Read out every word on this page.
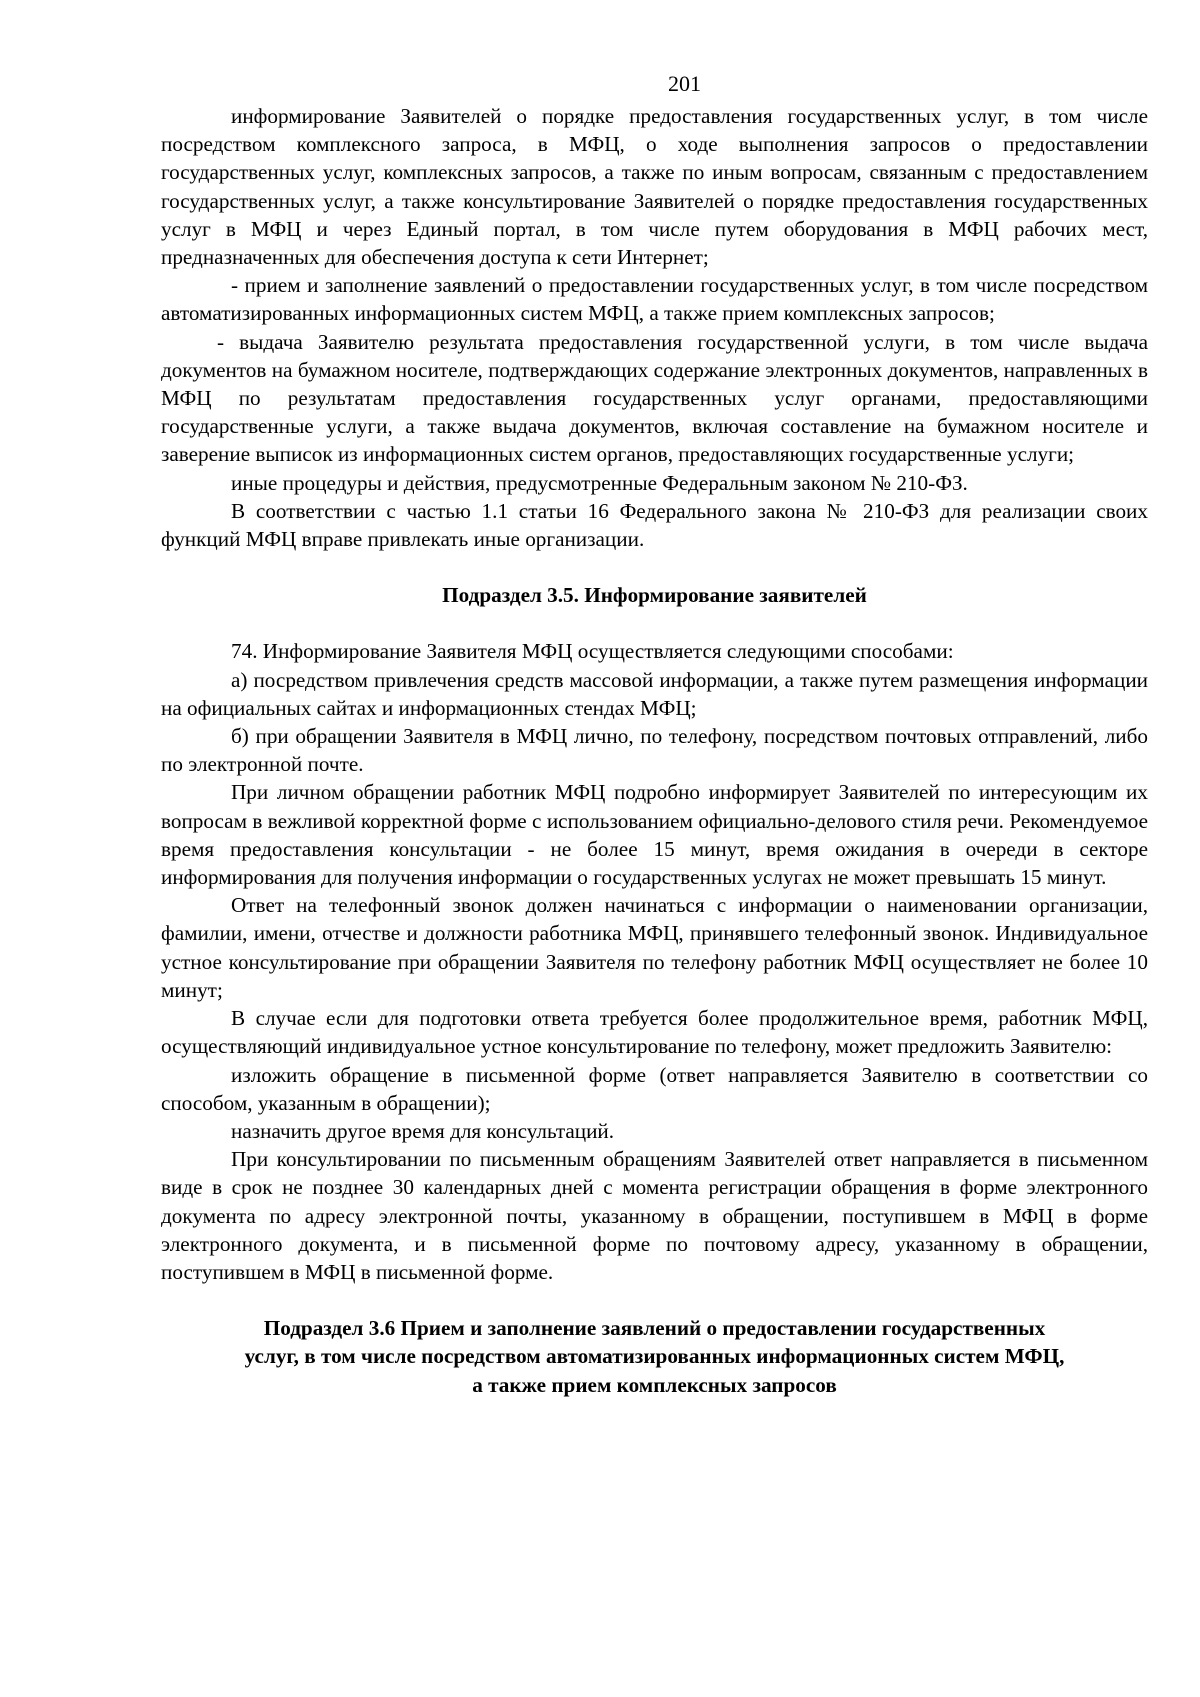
201

информирование Заявителей о порядке предоставления государственных услуг, в том числе посредством комплексного запроса, в МФЦ, о ходе выполнения запросов о предоставлении государственных услуг, комплексных запросов, а также по иным вопросам, связанным с предоставлением государственных услуг, а также консультирование Заявителей о порядке предоставления государственных услуг в МФЦ и через Единый портал, в том числе путем оборудования в МФЦ рабочих мест, предназначенных для обеспечения доступа к сети Интернет;

- прием и заполнение заявлений о предоставлении государственных услуг, в том числе посредством автоматизированных информационных систем МФЦ, а также прием комплексных запросов;

- выдача Заявителю результата предоставления государственной услуги, в том числе выдача документов на бумажном носителе, подтверждающих содержание электронных документов, направленных в МФЦ по результатам предоставления государственных услуг органами, предоставляющими государственные услуги, а также выдача документов, включая составление на бумажном носителе и заверение выписок из информационных систем органов, предоставляющих государственные услуги;

иные процедуры и действия, предусмотренные Федеральным законом № 210-ФЗ.

В соответствии с частью 1.1 статьи 16 Федерального закона № 210-ФЗ для реализации своих функций МФЦ вправе привлекать иные организации.

Подраздел 3.5. Информирование заявителей

74. Информирование Заявителя МФЦ осуществляется следующими способами:

а) посредством привлечения средств массовой информации, а также путем размещения информации на официальных сайтах и информационных стендах МФЦ;

б) при обращении Заявителя в МФЦ лично, по телефону, посредством почтовых отправлений, либо по электронной почте.

При личном обращении работник МФЦ подробно информирует Заявителей по интересующим их вопросам в вежливой корректной форме с использованием официально-делового стиля речи. Рекомендуемое время предоставления консультации - не более 15 минут, время ожидания в очереди в секторе информирования для получения информации о государственных услугах не может превышать 15 минут.

Ответ на телефонный звонок должен начинаться с информации о наименовании организации, фамилии, имени, отчестве и должности работника МФЦ, принявшего телефонный звонок. Индивидуальное устное консультирование при обращении Заявителя по телефону работник МФЦ осуществляет не более 10 минут;

В случае если для подготовки ответа требуется более продолжительное время, работник МФЦ, осуществляющий индивидуальное устное консультирование по телефону, может предложить Заявителю:

изложить обращение в письменной форме (ответ направляется Заявителю в соответствии со способом, указанным в обращении);

назначить другое время для консультаций.

При консультировании по письменным обращениям Заявителей ответ направляется в письменном виде в срок не позднее 30 календарных дней с момента регистрации обращения в форме электронного документа по адресу электронной почты, указанному в обращении, поступившем в МФЦ в форме электронного документа, и в письменной форме по почтовому адресу, указанному в обращении, поступившем в МФЦ в письменной форме.

Подраздел 3.6 Прием и заполнение заявлений о предоставлении государственных
услуг, в том числе посредством автоматизированных информационных систем МФЦ,
а также прием комплексных запросов
